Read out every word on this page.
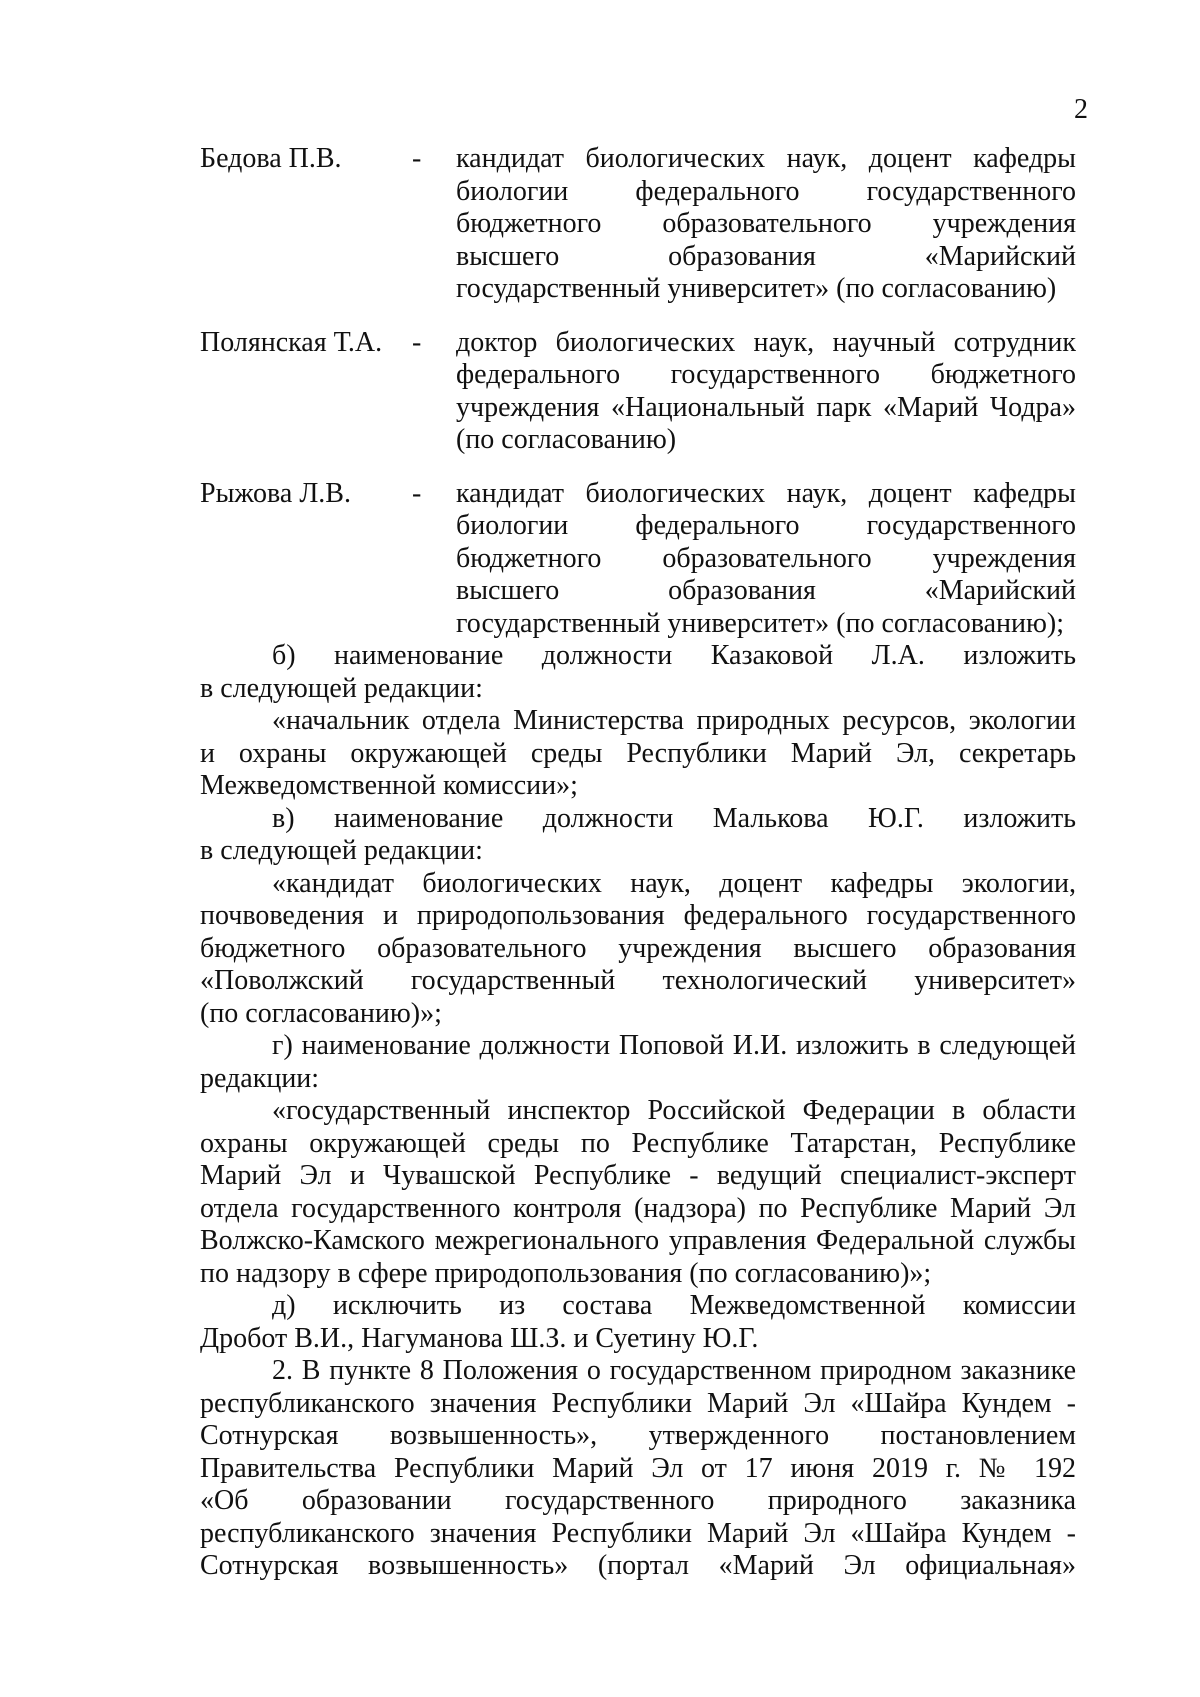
2
Бедова П.В.	-	кандидат биологических наук, доцент кафедры
биологии федерального государственного
бюджетного образовательного учреждения
высшего образования «Марийский
государственный университет» (по согласованию)
Полянская Т.А.	-	доктор биологических наук, научный сотрудник
федерального государственного бюджетного
учреждения «Национальный парк «Марий Чодра»
(по согласованию)
Рыжова Л.В.	-	кандидат биологических наук, доцент кафедры
биологии федерального государственного
бюджетного образовательного учреждения
высшего образования «Марийский
государственный университет» (по согласованию);
б) наименование должности Казаковой Л.А. изложить
в следующей редакции:
«начальник отдела Министерства природных ресурсов, экологии
и охраны окружающей среды Республики Марий Эл, секретарь
Межведомственной комиссии»;
в) наименование должности Малькова Ю.Г. изложить
в следующей редакции:
«кандидат биологических наук, доцент кафедры экологии,
почвоведения и природопользования федерального государственного
бюджетного образовательного учреждения высшего образования
«Поволжский государственный технологический университет»
(по согласованию)»;
г) наименование должности Поповой И.И. изложить в следующей
редакции:
«государственный инспектор Российской Федерации в области
охраны окружающей среды по Республике Татарстан, Республике
Марий Эл и Чувашской Республике - ведущий специалист-эксперт
отдела государственного контроля (надзора) по Республике Марий Эл
Волжско-Камского межрегионального управления Федеральной службы
по надзору в сфере природопользования (по согласованию)»;
д) исключить из состава Межведомственной комиссии
Дробот В.И., Нагуманова Ш.З. и Суетину Ю.Г.
2. В пункте 8 Положения о государственном природном заказнике
республиканского значения Республики Марий Эл «Шайра Кундем -
Сотнурская возвышенность», утвержденного постановлением
Правительства Республики Марий Эл от 17 июня 2019 г. № 192
«Об образовании государственного природного заказника
республиканского значения Республики Марий Эл «Шайра Кундем -
Сотнурская возвышенность» (портал «Марий Эл официальная»
